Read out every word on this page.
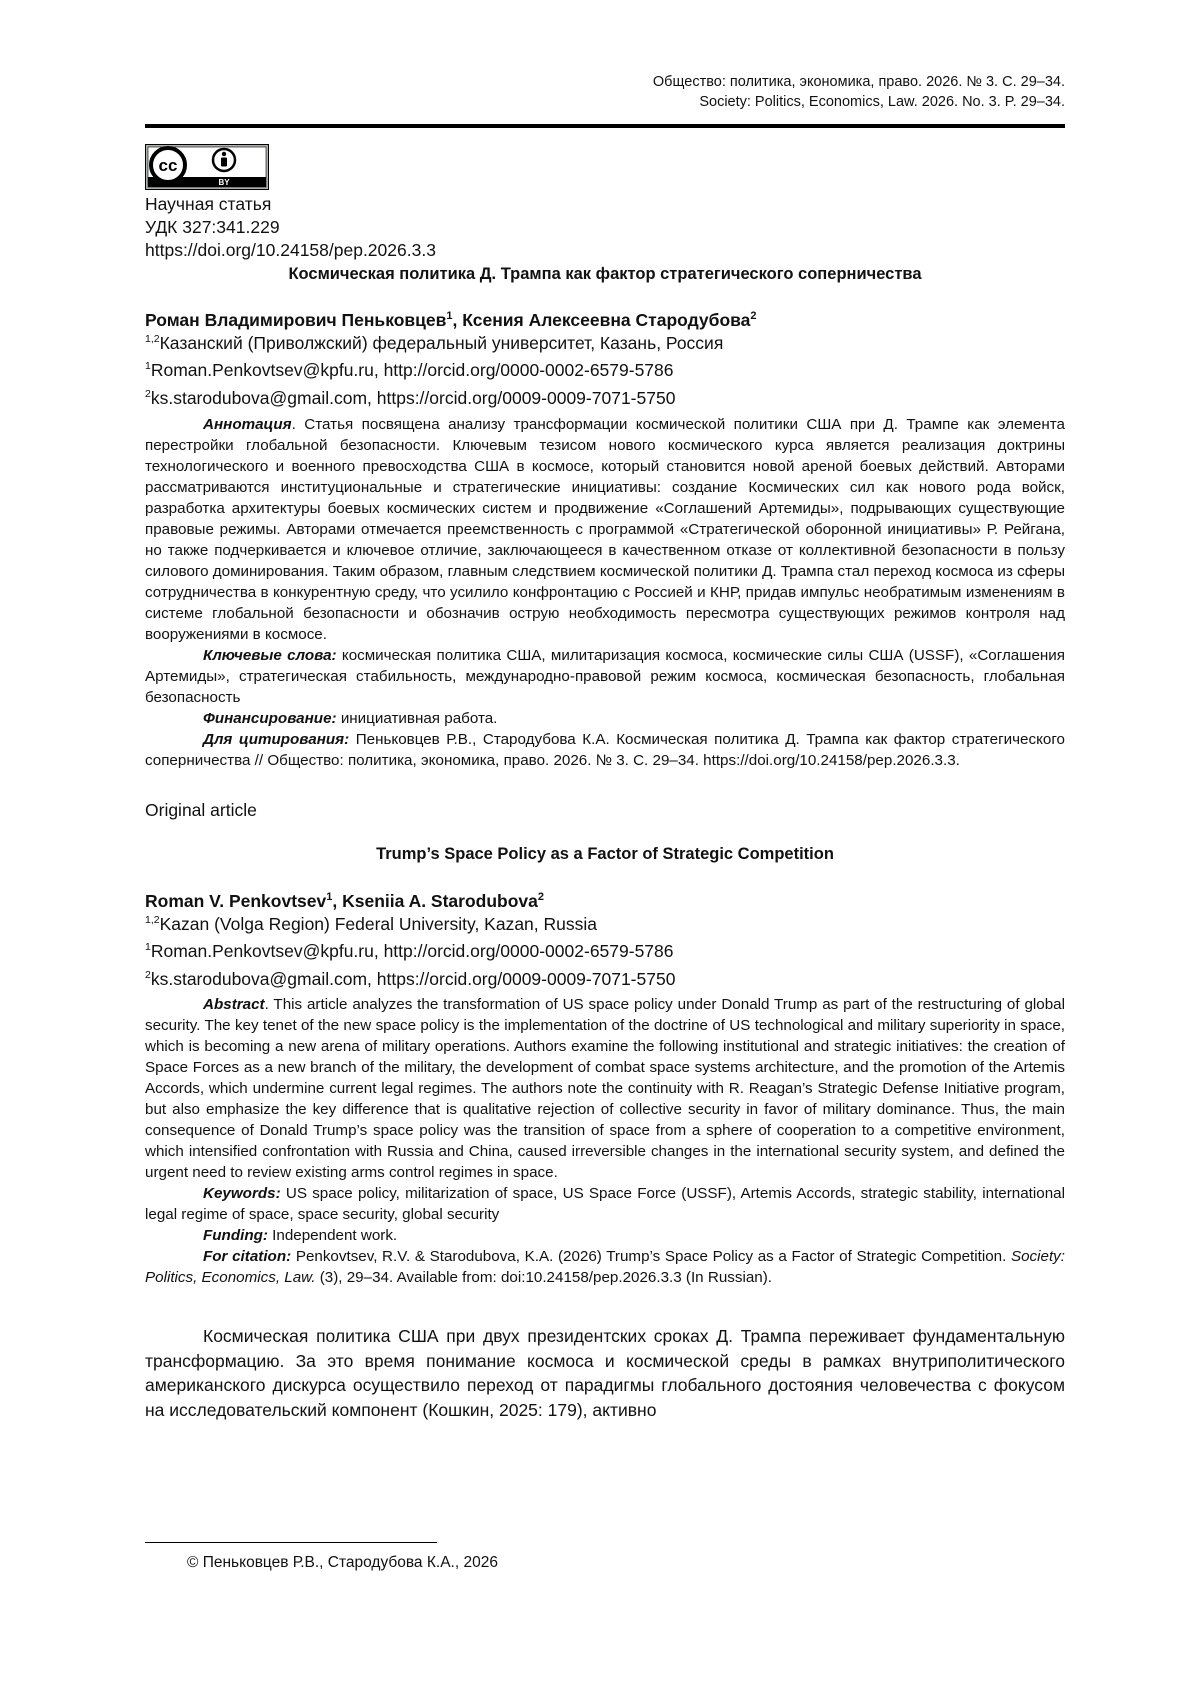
Общество: политика, экономика, право. 2026. № 3. С. 29–34.
Society: Politics, Economics, Law. 2026. No. 3. P. 29–34.
cc
BY
Научная статья
УДК 327:341.229
https://doi.org/10.24158/pep.2026.3.3
Космическая политика Д. Трампа как фактор стратегического соперничества
Роман Владимирович Пеньковцев$^1$, Ксения Алексеевна Стародубова$^2$
$^{1,2}$Казанский (Приволжский) федеральный университет, Казань, Россия
$^1$Roman.Penkovtsev@kpfu.ru, http://orcid.org/0000-0002-6579-5786
$^2$ks.starodubova@gmail.com, https://orcid.org/0009-0009-7071-5750

Аннотация. Статья посвящена анализу трансформации космической политики США при Д. Трампе как элемента перестройки глобальной безопасности. Ключевым тезисом нового космического курса является реализация доктрины технологического и военного превосходства США в космосе, который становится новой ареной боевых действий. Авторами рассматриваются институциональные и стратегические инициативы: создание Космических сил как нового рода войск, разработка архитектуры боевых космических систем и продвижение «Соглашений Артемиды», подрывающих существующие правовые режимы. Авторами отмечается преемственность с программой «Стратегической оборонной инициативы» Р. Рейгана, но также подчеркивается и ключевое отличие, заключающееся в качественном отказе от коллективной безопасности в пользу силового доминирования. Таким образом, главным следствием космической политики Д. Трампа стал переход космоса из сферы сотрудничества в конкурентную среду, что усилило конфронтацию с Россией и КНР, придав импульс необратимым изменениям в системе глобальной безопасности и обозначив острую необходимость пересмотра существующих режимов контроля над вооружениями в космосе.

Ключевые слова: космическая политика США, милитаризация космоса, космические силы США (USSF), «Соглашения Артемиды», стратегическая стабильность, международно-правовой режим космоса, космическая безопасность, глобальная безопасность

Финансирование: инициативная работа.

Для цитирования: Пеньковцев Р.В., Стародубова К.А. Космическая политика Д. Трампа как фактор стратегического соперничества // Общество: политика, экономика, право. 2026. № 3. С. 29–34. https://doi.org/10.24158/pep.2026.3.3.

Original article
Trump’s Space Policy as a Factor of Strategic Competition
Roman V. Penkovtsev$^1$, Kseniia A. Starodubova$^2$
$^{1,2}$Kazan (Volga Region) Federal University, Kazan, Russia
$^1$Roman.Penkovtsev@kpfu.ru, http://orcid.org/0000-0002-6579-5786
$^2$ks.starodubova@gmail.com, https://orcid.org/0009-0009-7071-5750

Abstract. This article analyzes the transformation of US space policy under Donald Trump as part of the restructuring of global security. The key tenet of the new space policy is the implementation of the doctrine of US technological and military superiority in space, which is becoming a new arena of military operations. Authors examine the following institutional and strategic initiatives: the creation of Space Forces as a new branch of the military, the development of combat space systems architecture, and the promotion of the Artemis Accords, which undermine current legal regimes. The authors note the continuity with R. Reagan’s Strategic Defense Initiative program, but also emphasize the key difference that is qualitative rejection of collective security in favor of military dominance. Thus, the main consequence of Donald Trump’s space policy was the transition of space from a sphere of cooperation to a competitive environment, which intensified confrontation with Russia and China, caused irreversible changes in the international security system, and defined the urgent need to review existing arms control regimes in space.

Keywords: US space policy, militarization of space, US Space Force (USSF), Artemis Accords, strategic stability, international legal regime of space, space security, global security

Funding: Independent work.

For citation: Penkovtsev, R.V. & Starodubova, K.A. (2026) Trump’s Space Policy as a Factor of Strategic Competition. Society: Politics, Economics, Law. (3), 29–34. Available from: doi:10.24158/pep.2026.3.3 (In Russian).

Космическая политика США при двух президентских сроках Д. Трампа переживает фундаментальную трансформацию. За это время понимание космоса и космической среды в рамках внутриполитического американского дискурса осуществило переход от парадигмы глобального достояния человечества с фокусом на исследовательский компонент (Кошкин, 2025: 179), активно
© Пеньковцев Р.В., Стародубова К.А., 2026
